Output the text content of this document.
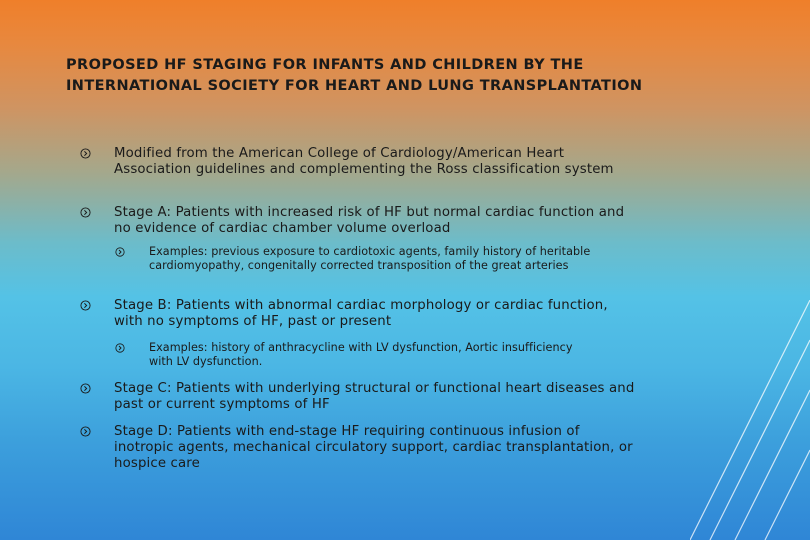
PROPOSED HF STAGING FOR INFANTS AND CHILDREN BY THE INTERNATIONAL SOCIETY FOR HEART AND LUNG TRANSPLANTATION

Modified from the American College of Cardiology/American Heart Association guidelines and complementing the Ross classification system

Stage A: Patients with increased risk of HF but normal cardiac function and no evidence of cardiac chamber volume overload

Examples: previous exposure to cardiotoxic agents, family history of heritable cardiomyopathy, congenitally corrected transposition of the great arteries

Stage B: Patients with abnormal cardiac morphology or cardiac function, with no symptoms of HF, past or present

Examples: history of anthracycline with LV dysfunction, Aortic insufficiency with LV dysfunction.

Stage C: Patients with underlying structural or functional heart diseases and past or current symptoms of HF

Stage D: Patients with end-stage HF requiring continuous infusion of inotropic agents, mechanical circulatory support, cardiac transplantation, or hospice care
